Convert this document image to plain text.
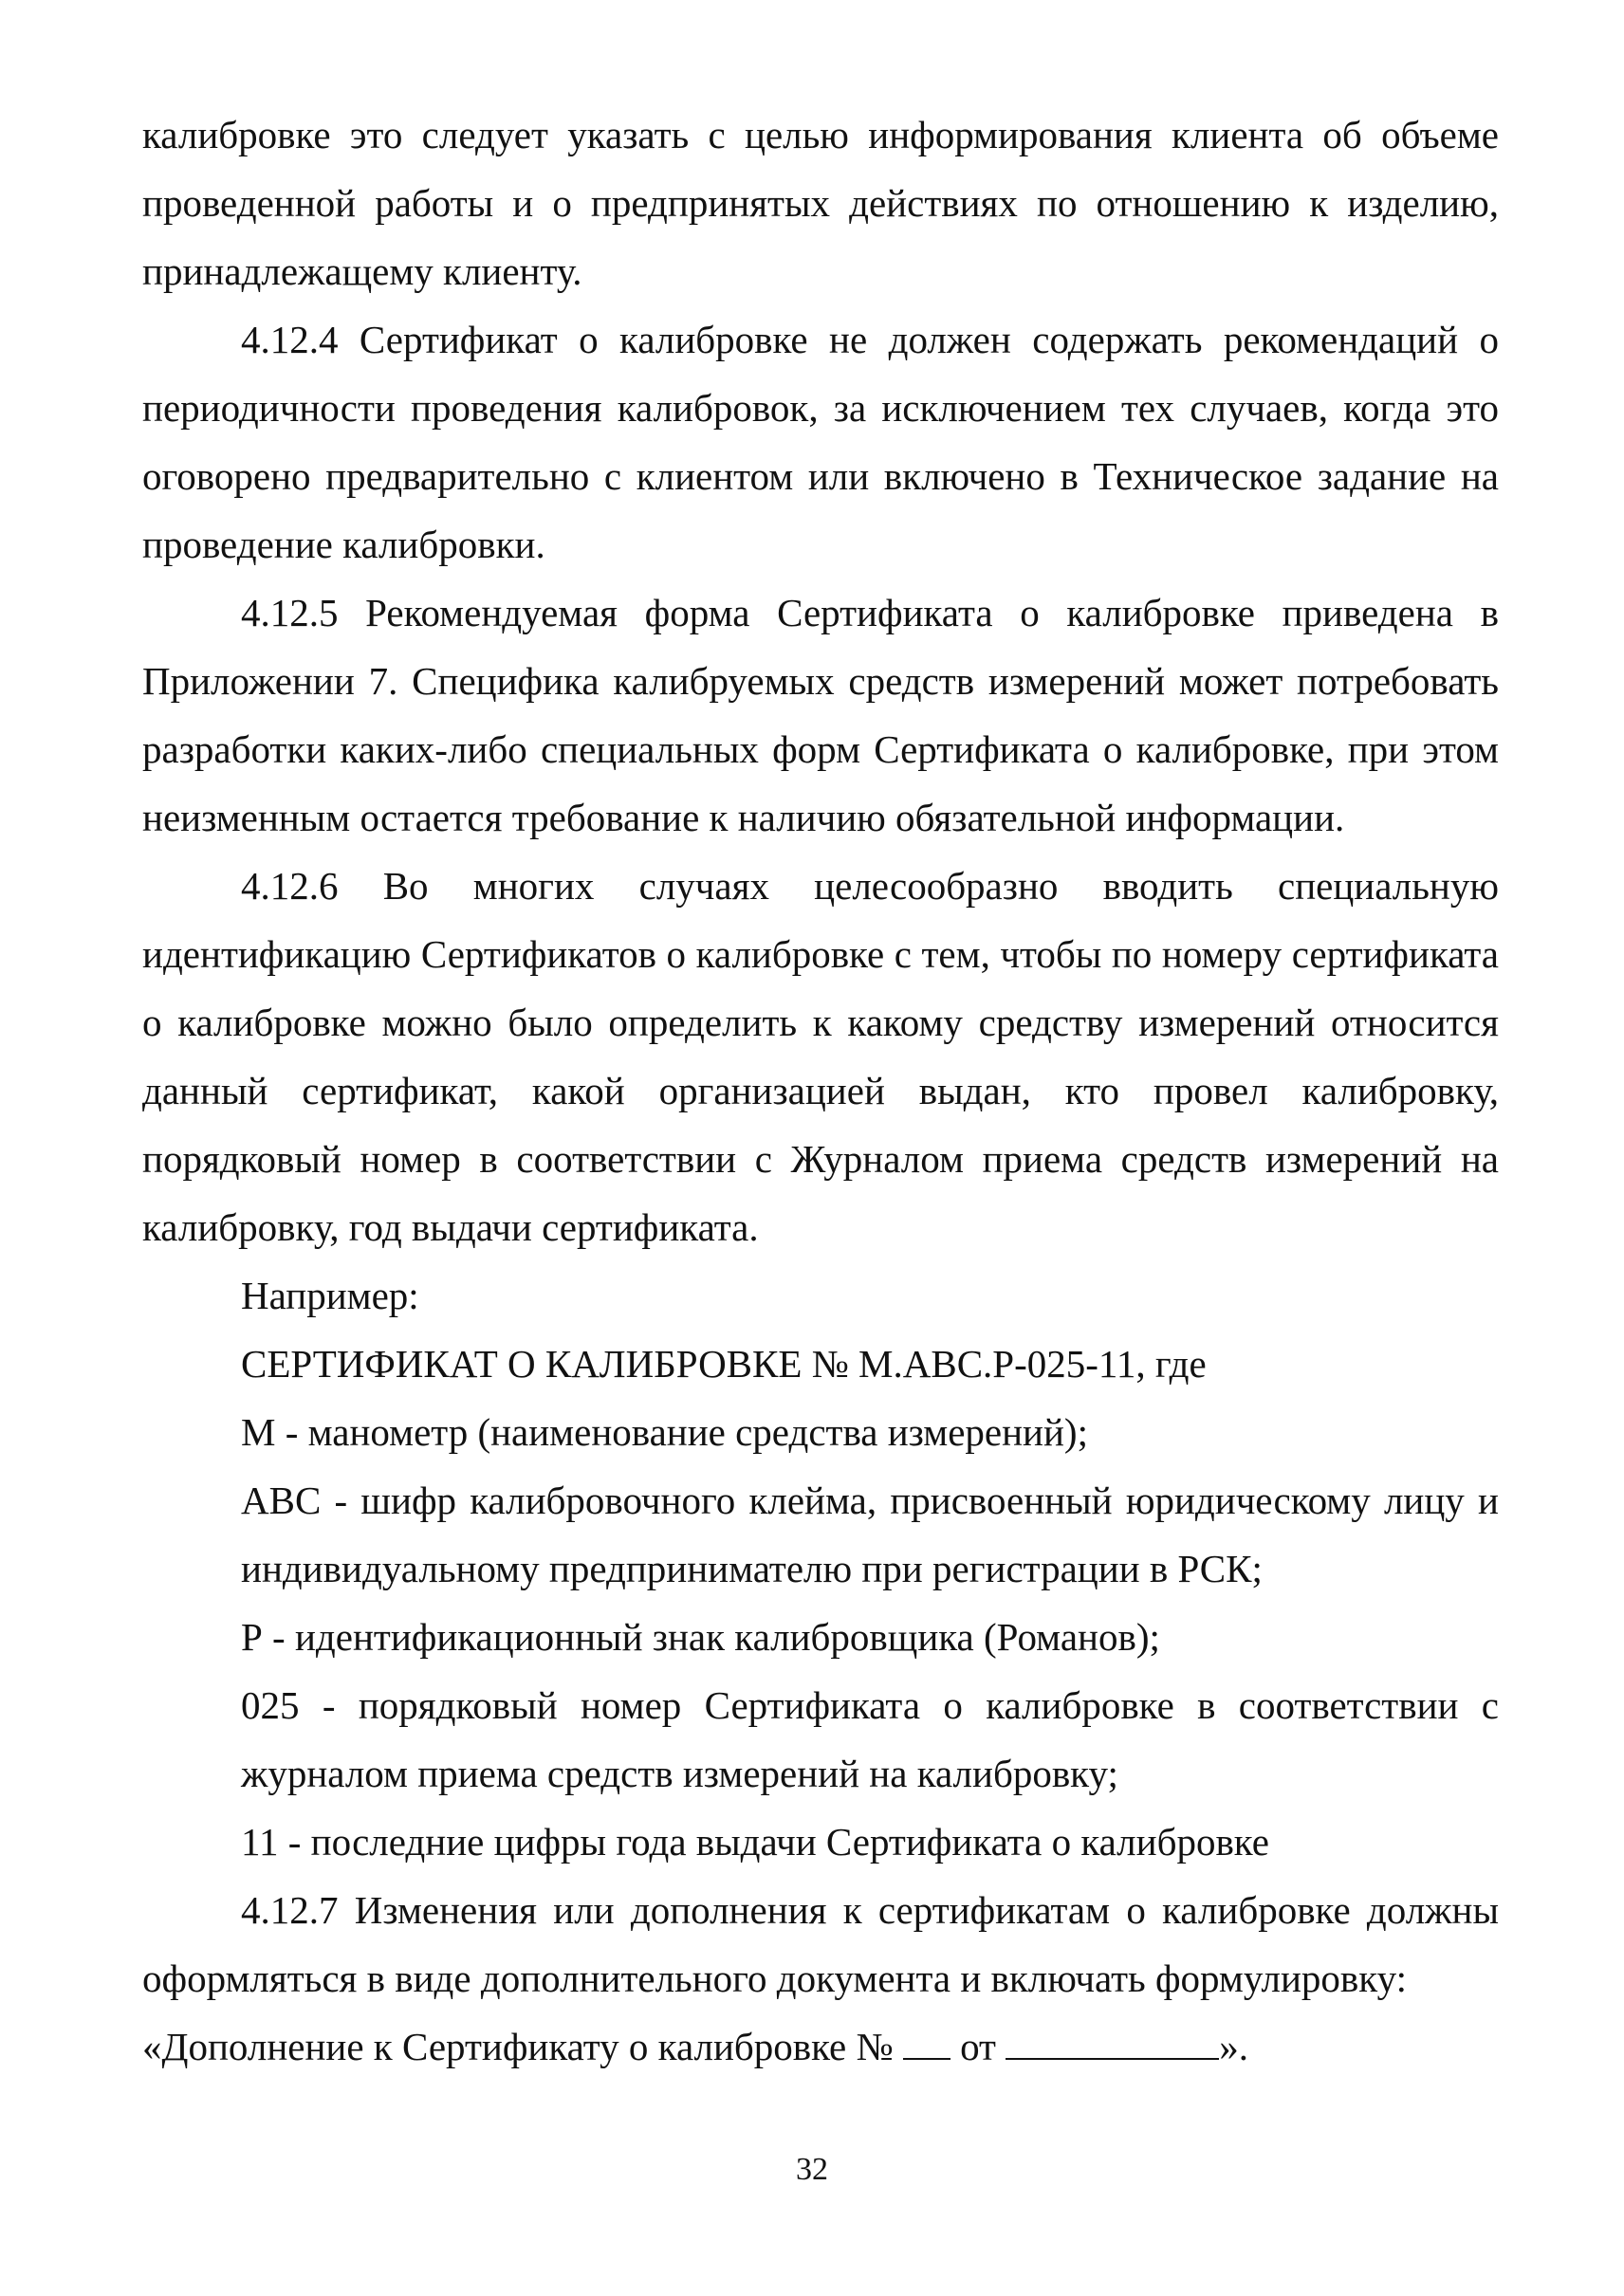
калибровке это следует указать с целью информирования клиента об объеме проведенной работы и о предпринятых действиях по отношению к изделию, принадлежащему клиенту.

4.12.4 Сертификат о калибровке не должен содержать рекомендаций о периодичности проведения калибровок, за исключением тех случаев, когда это оговорено предварительно с клиентом или включено в Техническое задание на проведение калибровки.

4.12.5 Рекомендуемая форма Сертификата о калибровке приведена в Приложении 7. Специфика калибруемых средств измерений может потребовать разработки каких-либо специальных форм Сертификата о калибровке, при этом неизменным остается требование к наличию обязательной информации.

4.12.6 Во многих случаях целесообразно вводить специальную идентификацию Сертификатов о калибровке с тем, чтобы по номеру сертификата о калибровке можно было определить к какому средству измерений относится данный сертификат, какой организацией выдан, кто провел калибровку, порядковый номер в соответствии с Журналом приема средств измерений на калибровку, год выдачи сертификата.

Например:

СЕРТИФИКАТ О КАЛИБРОВКЕ № М.АВС.Р-025-11, где

М - манометр (наименование средства измерений);

АВС - шифр калибровочного клейма, присвоенный юридическому лицу и индивидуальному предпринимателю при регистрации в РСК;

Р - идентификационный знак калибровщика (Романов);

025 - порядковый номер Сертификата о калибровке в соответствии с журналом приема средств измерений на калибровку;

11 - последние цифры года выдачи Сертификата о калибровке

4.12.7 Изменения или дополнения к сертификатам о калибровке должны оформляться в виде дополнительного документа и включать формулировку:

«Дополнение к Сертификату о калибровке № от	».

32
